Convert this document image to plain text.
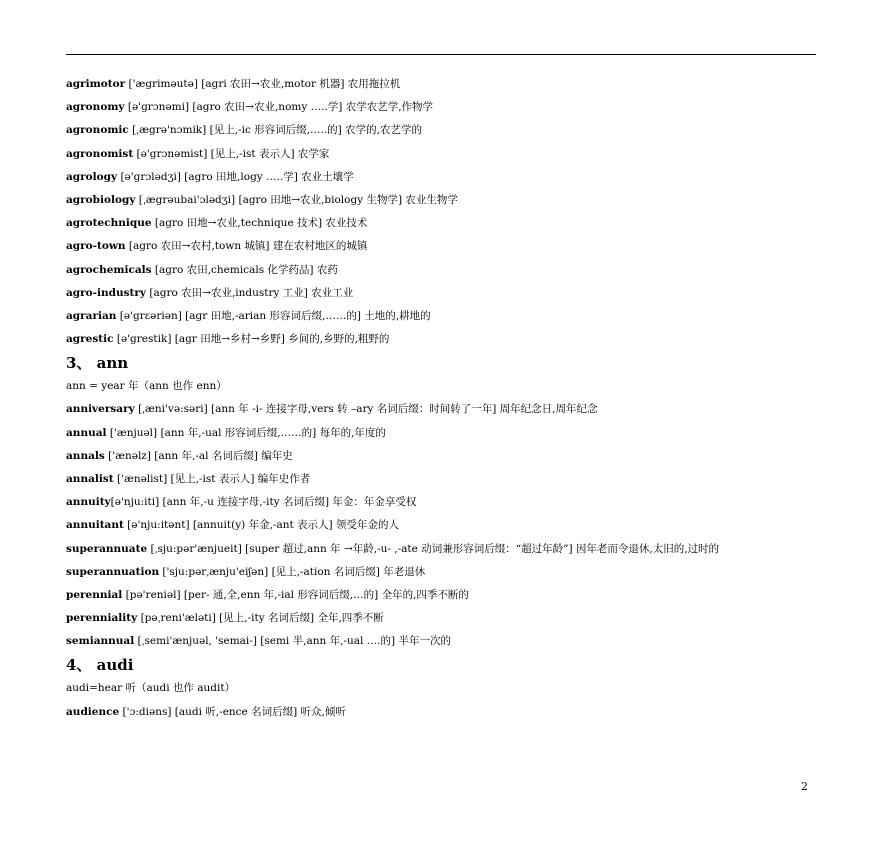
agrimotor ['ægriməutə] [agri 农田→农业,motor 机器] 农用拖拉机
agronomy [ə'grɔnəmi] [agro 农田→农业,nomy …..学] 农学农艺学,作物学
agronomic [ˌægrə'nɔmik] [见上,-ic 形容词后缀,…..的] 农学的,农艺学的
agronomist [ə'grɔnəmist] [见上,-ist 表示人] 农学家
agrology [ə'grɔlədʒi] [agro 田地,logy …..学] 农业土壤学
agrobiology [ˌægrəubai'ɔlədʒi] [agro 田地→农业,biology 生物学] 农业生物学
agrotechnique [agro 田地→农业,technique 技术] 农业技术
agro-town [agro 农田→农村,town 城镇] 建在农村地区的城镇
agrochemicals [agro 农田,chemicals 化学药品] 农药
agro-industry [agro 农田→农业,industry 工业] 农业工业
agrarian [ə'grɛəriən] [agr 田地,-arian 形容词后缀,……的] 土地的,耕地的
agrestic [ə'grestik] [agr 田地→乡村→乡野] 乡间的,乡野的,粗野的
3、 ann
ann = year 年（ann 也作 enn）
anniversary [ˌæni'və:səri] [ann 年 -i- 连接字母,vers 转 –ary 名词后缀：时间转了一年] 周年纪念日,周年纪念
annual ['ænjuəl] [ann 年,-ual 形容词后缀,……的] 每年的,年度的
annals ['ænəlz] [ann 年,-al 名词后缀] 编年史
annalist ['ænəlist] [见上,-ist 表示人] 编年史作者
annuity[ə'nju:iti] [ann 年,-u 连接字母,-ity 名词后缀] 年金：年金享受权
annuitant [ə'nju:itənt] [annuit(y) 年金,-ant 表示人] 领受年金的人
superannuate [ˌsju:pər'ænjueit] [super 超过,ann 年 →年龄,-u- ,-ate 动词兼形容词后缀：“超过年龄”] 因年老而令退休,太旧的,过时的
superannuation ['sju:pərˌænju'eiʃən] [见上,-ation 名词后缀] 年老退休
perennial [pə'reniəl] [per- 通,全,enn 年,-ial 形容词后缀,…的] 全年的,四季不断的
perenniality [pəˌreni'æləti] [见上,-ity 名词后缀] 全年,四季不断
semiannual [ˌsemi'ænjuəl, 'semai-] [semi 半,ann 年,-ual ….的] 半年一次的
4、 audi
audi=hear 听（audi 也作 audit）
audience ['ɔ:diəns] [audi 听,-ence 名词后缀] 听众,倾听
2
